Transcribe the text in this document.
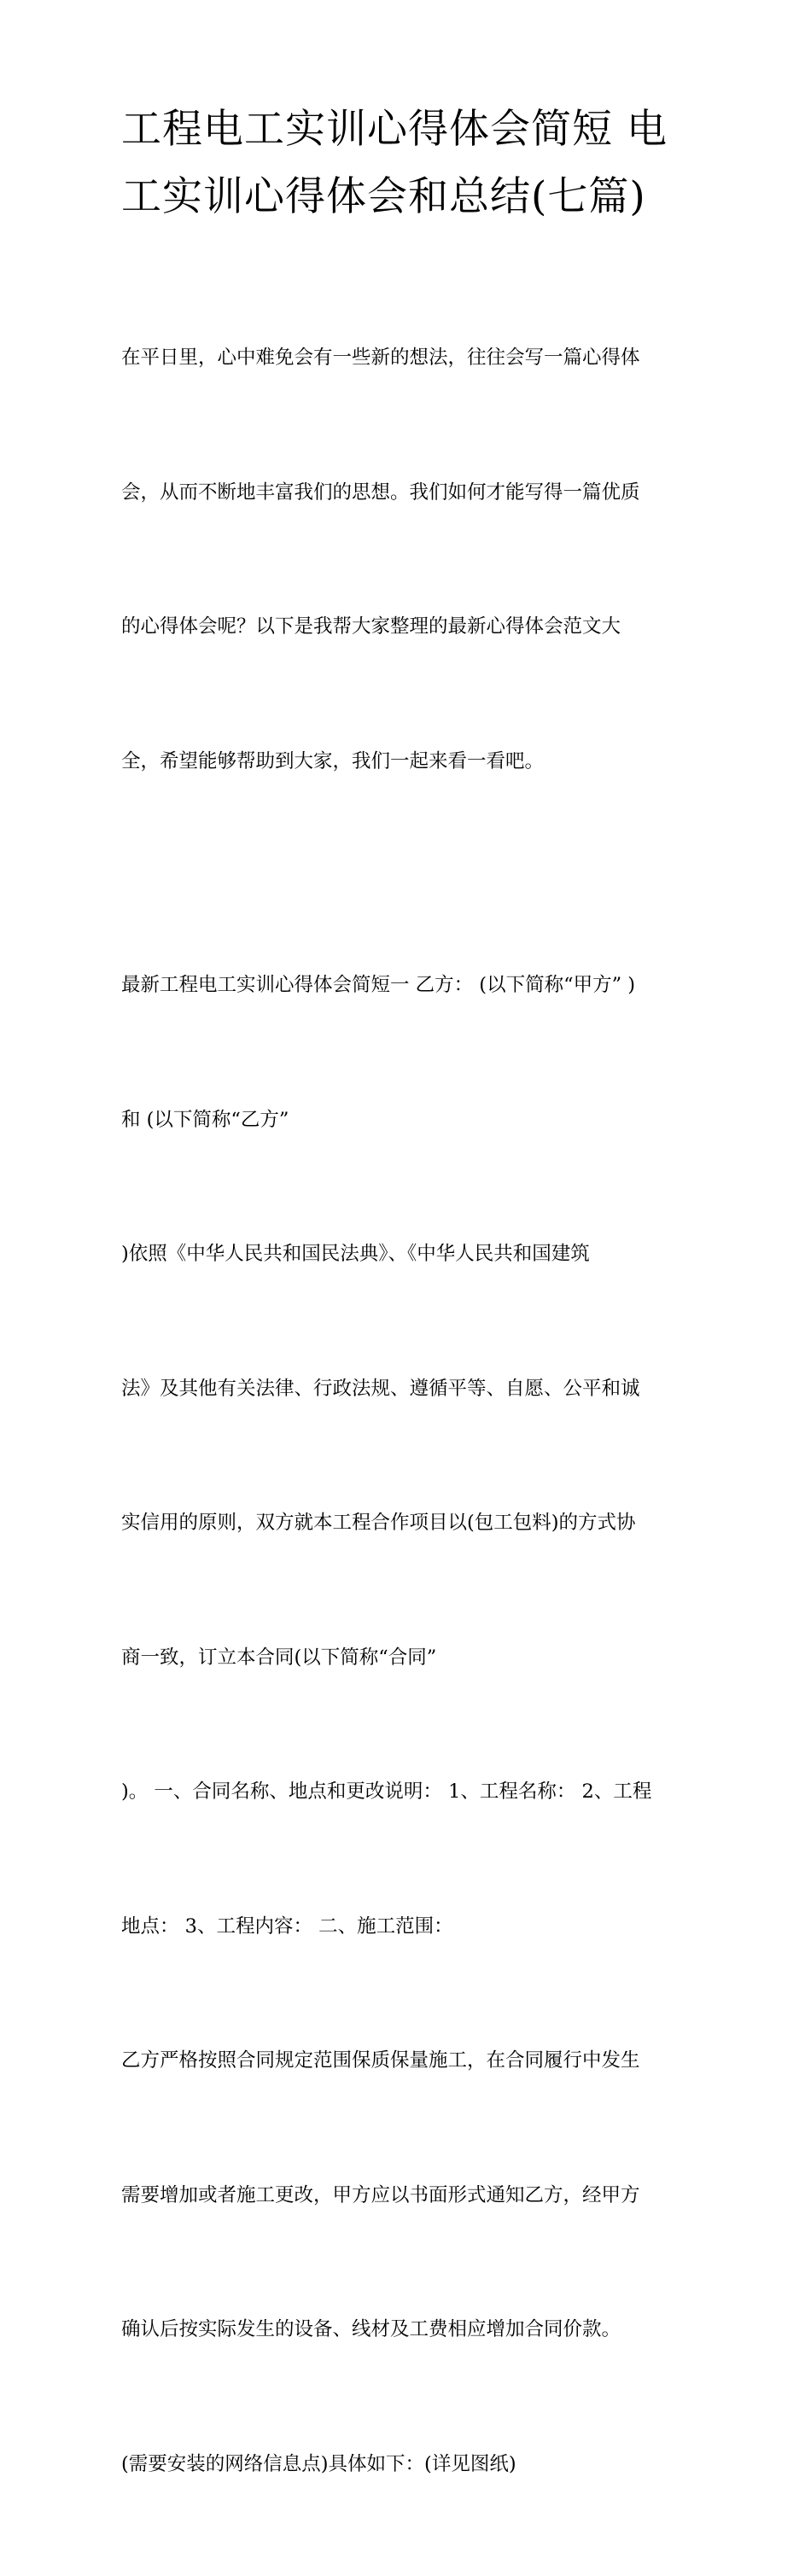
工程电工实训心得体会简短 电
工实训心得体会和总结(七篇)

在平日里，心中难免会有一些新的想法，往往会写一篇心得体

会，从而不断地丰富我们的思想。我们如何才能写得一篇优质

的心得体会呢？以下是我帮大家整理的最新心得体会范文大

全，希望能够帮助到大家，我们一起来看一看吧。

最新工程电工实训心得体会简短一 乙方： (以下简称“甲方” )

和 (以下简称“乙方”

)依照《中华人民共和国民法典》、《中华人民共和国建筑

法》及其他有关法律、行政法规、遵循平等、自愿、公平和诚

实信用的原则，双方就本工程合作项目以(包工包料)的方式协

商一致，订立本合同(以下简称“合同”

)。 一、合同名称、地点和更改说明： 1、工程名称： 2、工程

地点： 3、工程内容： 二、施工范围：

乙方严格按照合同规定范围保质保量施工，在合同履行中发生

需要增加或者施工更改，甲方应以书面形式通知乙方，经甲方

确认后按实际发生的设备、线材及工费相应增加合同价款。

(需要安装的网络信息点)具体如下：(详见图纸)
